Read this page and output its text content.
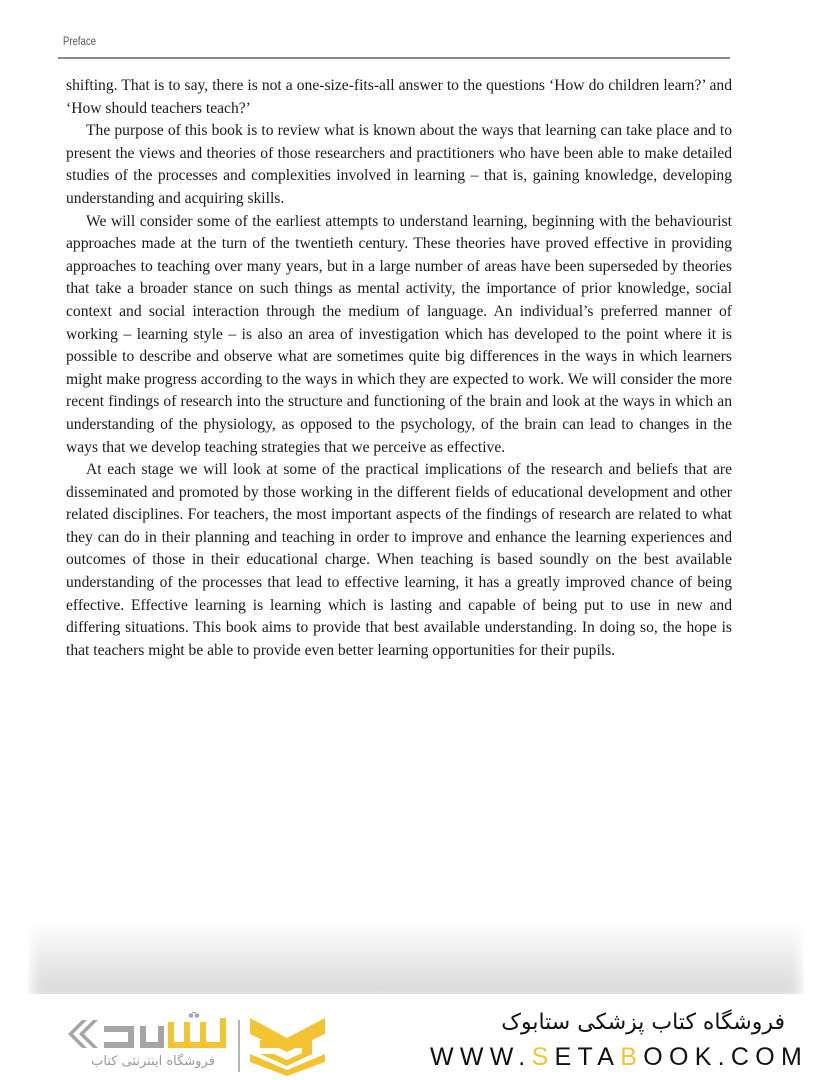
Preface

shifting. That is to say, there is not a one-size-fits-all answer to the questions ‘How do children learn?’ and ‘How should teachers teach?’

The purpose of this book is to review what is known about the ways that learning can take place and to present the views and theories of those researchers and practitioners who have been able to make detailed studies of the processes and complexities involved in learning – that is, gaining knowledge, developing understanding and acquiring skills.

We will consider some of the earliest attempts to understand learning, beginning with the behaviourist approaches made at the turn of the twentieth century. These theories have proved effective in providing approaches to teaching over many years, but in a large number of areas have been superseded by theories that take a broader stance on such things as mental activity, the importance of prior knowledge, social context and social interaction through the medium of language. An individual’s preferred manner of working – learning style – is also an area of investigation which has developed to the point where it is possible to describe and observe what are sometimes quite big differences in the ways in which learners might make progress according to the ways in which they are expected to work. We will consider the more recent findings of research into the structure and functioning of the brain and look at the ways in which an understanding of the physiology, as opposed to the psychology, of the brain can lead to changes in the ways that we develop teaching strategies that we perceive as effective.

At each stage we will look at some of the practical implications of the research and beliefs that are disseminated and promoted by those working in the different fields of educational development and other related disciplines. For teachers, the most important aspects of the findings of research are related to what they can do in their planning and teaching in order to improve and enhance the learning experiences and outcomes of those in their educational charge. When teaching is based soundly on the best available understanding of the processes that lead to effective learning, it has a greatly improved chance of being effective. Effective learning is learning which is lasting and capable of being put to use in new and differing situations. This book aims to provide that best available understanding. In doing so, the hope is that teachers might be able to provide even better learning opportunities for their pupils.

فروشگاه اینترنتی کتاب
فروشگاه کتاب پزشکی ستابوک
WWW.SETABOOK.COM
